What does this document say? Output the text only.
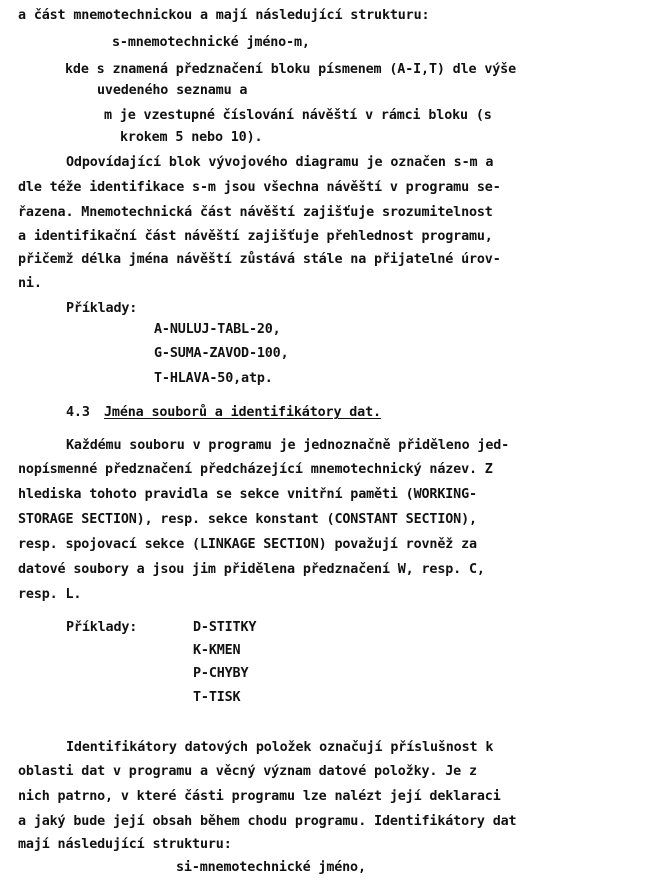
a část mnemotechnickou a mají následující strukturu:
s-mnemotechnické jméno-m,
kde s znamená předznačení bloku písmenem (A-I,T) dle výše
uvedeného seznamu a
m je vzestupné číslování návěští v rámci bloku (s
krokem 5 nebo 10).
Odpovídající blok vývojového diagramu je označen s-m a
dle téže identifikace s-m jsou všechna návěští v programu se-
řazena. Mnemotechnická část návěští zajišťuje srozumitelnost
a identifikační část návěští zajišťuje přehlednost programu,
přičemž délka jména návěští zůstává stále na přijatelné úrov-
ni.
Příklady:
A-NULUJ-TABL-20,
G-SUMA-ZAVOD-100,
T-HLAVA-50,atp.
4.3 Jména souborů a identifikátory dat.
Každému souboru v programu je jednoznačně přiděleno jed-
nopísmenné předznačení předcházející mnemotechnický název. Z
hlediska tohoto pravidla se sekce vnitřní paměti (WORKING-
STORAGE SECTION), resp. sekce konstant (CONSTANT SECTION),
resp. spojovací sekce (LINKAGE SECTION) považují rovněž za
datové soubory a jsou jim přidělena předznačení W, resp. C,
resp. L.
Příklady:	D-STITKY
K-KMEN
P-CHYBY
T-TISK
Identifikátory datových položek označují příslušnost k
oblasti dat v programu a věcný význam datové položky. Je z
nich patrno, v které části programu lze nalézt její deklaraci
a jaký bude její obsah během chodu programu. Identifikátory dat
mají následující strukturu:
si-mnemotechnické jméno,
